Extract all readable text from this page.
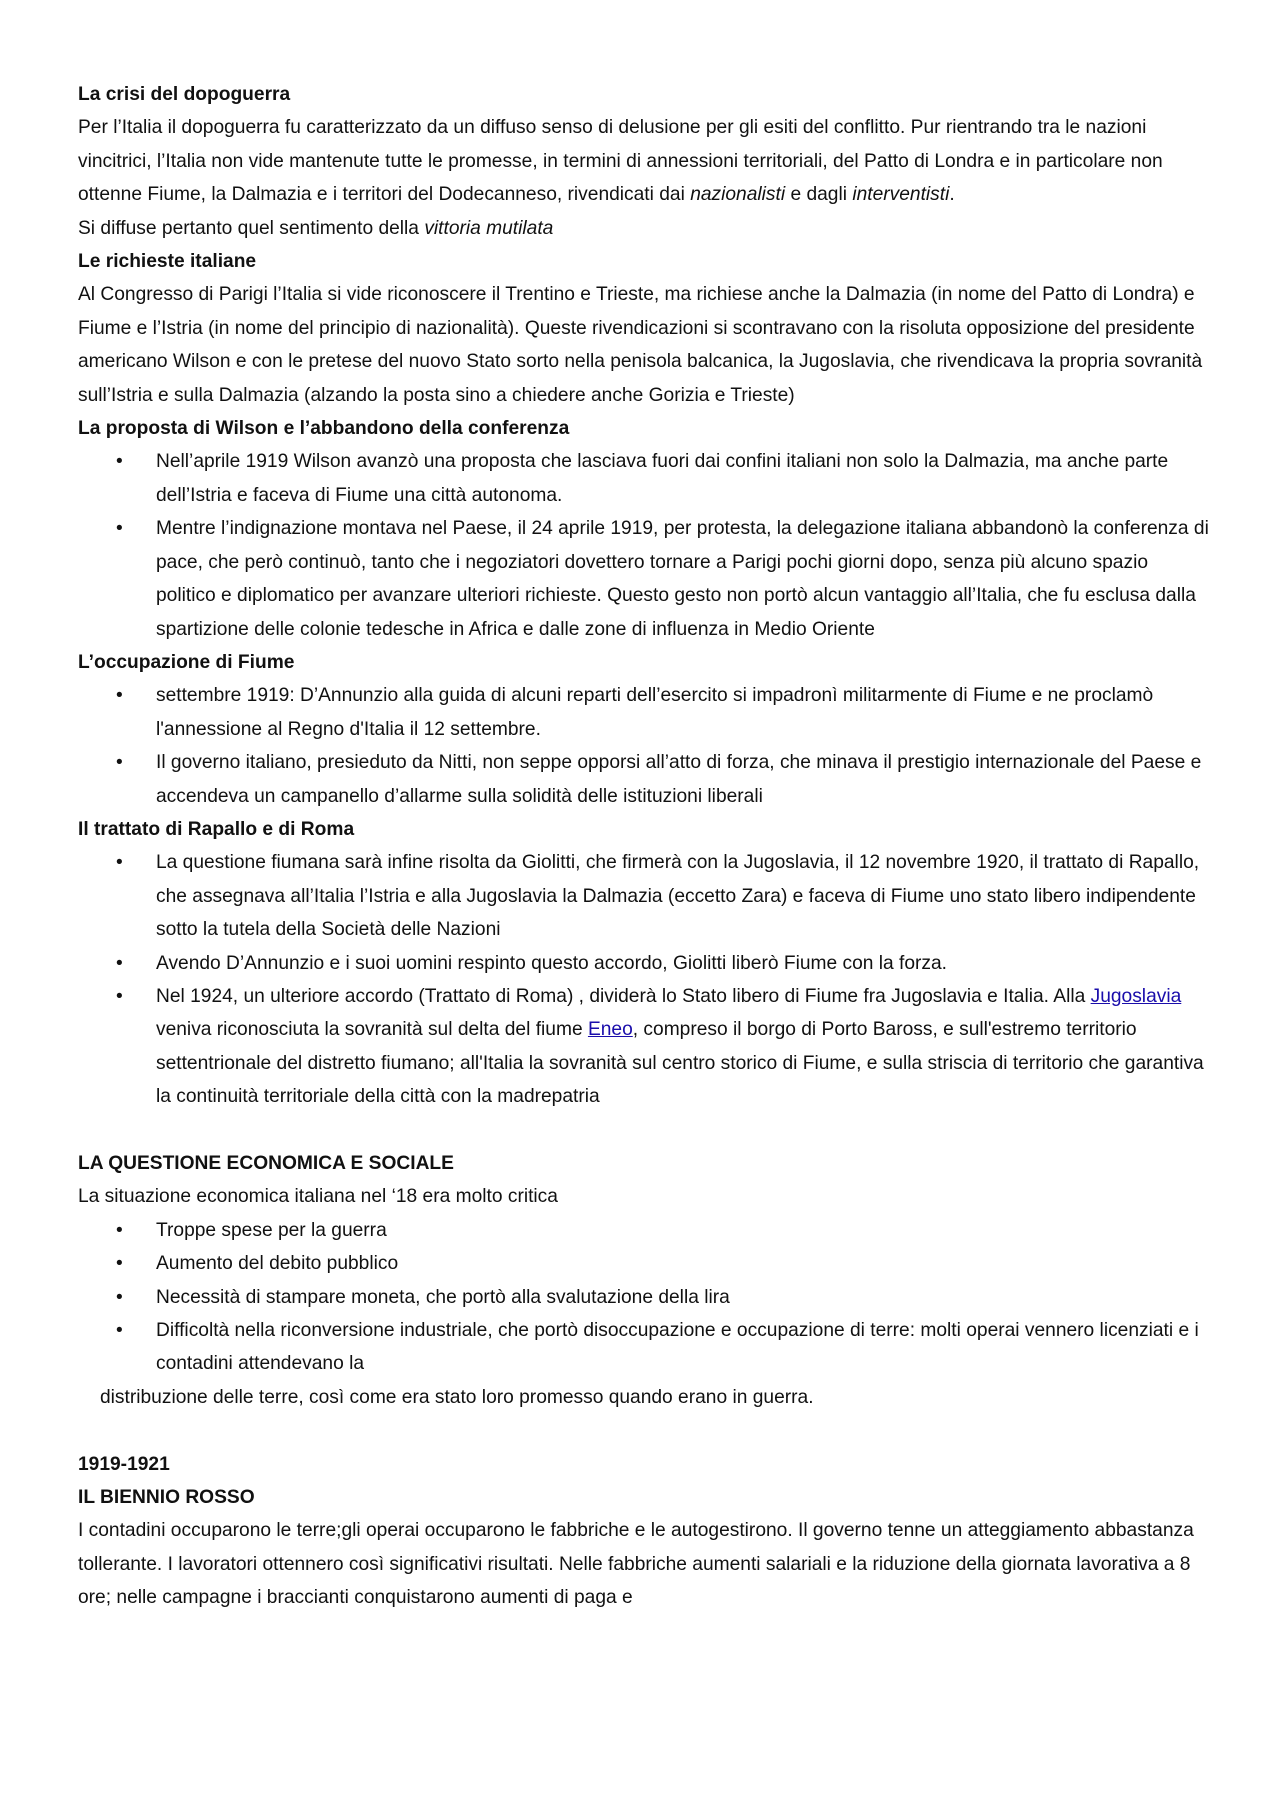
La crisi del dopoguerra

Per l’Italia il dopoguerra fu caratterizzato da un diffuso senso di delusione per gli esiti del conflitto. Pur rientrando tra le nazioni vincitrici, l’Italia non vide mantenute tutte le promesse, in termini di annessioni territoriali, del Patto di Londra e in particolare non ottenne Fiume, la Dalmazia e i territori del Dodecanneso, rivendicati dai nazionalisti e dagli interventisti.

Si diffuse pertanto quel sentimento della vittoria mutilata

Le richieste italiane

Al Congresso di Parigi l’Italia si vide riconoscere il Trentino e Trieste, ma richiese anche la Dalmazia (in nome del Patto di Londra) e Fiume e l’Istria (in nome del principio di nazionalità). Queste rivendicazioni si scontravano con la risoluta opposizione del presidente americano Wilson e con le pretese del nuovo Stato sorto nella penisola balcanica, la Jugoslavia, che rivendicava la propria sovranità sull’Istria e sulla Dalmazia (alzando la posta sino a chiedere anche Gorizia e Trieste)

La proposta di Wilson e l’abbandono della conferenza

• Nell’aprile 1919 Wilson avanzò una proposta che lasciava fuori dai confini italiani non solo la Dalmazia, ma anche parte dell’Istria e faceva di Fiume una città autonoma.
• Mentre l’indignazione montava nel Paese, il 24 aprile 1919, per protesta, la delegazione italiana abbandonò la conferenza di pace, che però continuò, tanto che i negoziatori dovettero tornare a Parigi pochi giorni dopo, senza più alcuno spazio politico e diplomatico per avanzare ulteriori richieste. Questo gesto non portò alcun vantaggio all’Italia, che fu esclusa dalla spartizione delle colonie tedesche in Africa e dalle zone di influenza in Medio Oriente

L’occupazione di Fiume

• settembre 1919: D’Annunzio alla guida di alcuni reparti dell’esercito si impadronì militarmente di Fiume e ne proclamò l'annessione al Regno d'Italia il 12 settembre.
• Il governo italiano, presieduto da Nitti, non seppe opporsi all’atto di forza, che minava il prestigio internazionale del Paese e accendeva un campanello d’allarme sulla solidità delle istituzioni liberali

Il trattato di Rapallo e di Roma

• La questione fiumana sarà infine risolta da Giolitti, che firmerà con la Jugoslavia, il 12 novembre 1920, il trattato di Rapallo, che assegnava all’Italia l’Istria e alla Jugoslavia la Dalmazia (eccetto Zara) e faceva di Fiume uno stato libero indipendente sotto la tutela della Società delle Nazioni
• Avendo D’Annunzio e i suoi uomini respinto questo accordo, Giolitti liberò Fiume con la forza.
• Nel 1924, un ulteriore accordo (Trattato di Roma) , dividerà lo Stato libero di Fiume fra Jugoslavia e Italia. Alla Jugoslavia veniva riconosciuta la sovranità sul delta del fiume Eneo, compreso il borgo di Porto Baross, e sull'estremo territorio settentrionale del distretto fiumano; all'Italia la sovranità sul centro storico di Fiume, e sulla striscia di territorio che garantiva la continuità territoriale della città con la madrepatria

LA QUESTIONE ECONOMICA E SOCIALE

La situazione economica italiana nel ‘18 era molto critica

• Troppe spese per la guerra
• Aumento del debito pubblico
• Necessità di stampare moneta, che portò alla svalutazione della lira
• Difficoltà nella riconversione industriale, che portò disoccupazione e occupazione di terre: molti operai vennero licenziati e i contadini attendevano la

distribuzione delle terre, così come era stato loro promesso quando erano in guerra.

1919-1921

IL BIENNIO ROSSO

I contadini occuparono le terre;gli operai occuparono le fabbriche e le autogestirono. Il governo tenne un atteggiamento abbastanza tollerante. I lavoratori ottennero così significativi risultati. Nelle fabbriche aumenti salariali e la riduzione della giornata lavorativa a 8 ore; nelle campagne i braccianti conquistarono aumenti di paga e
